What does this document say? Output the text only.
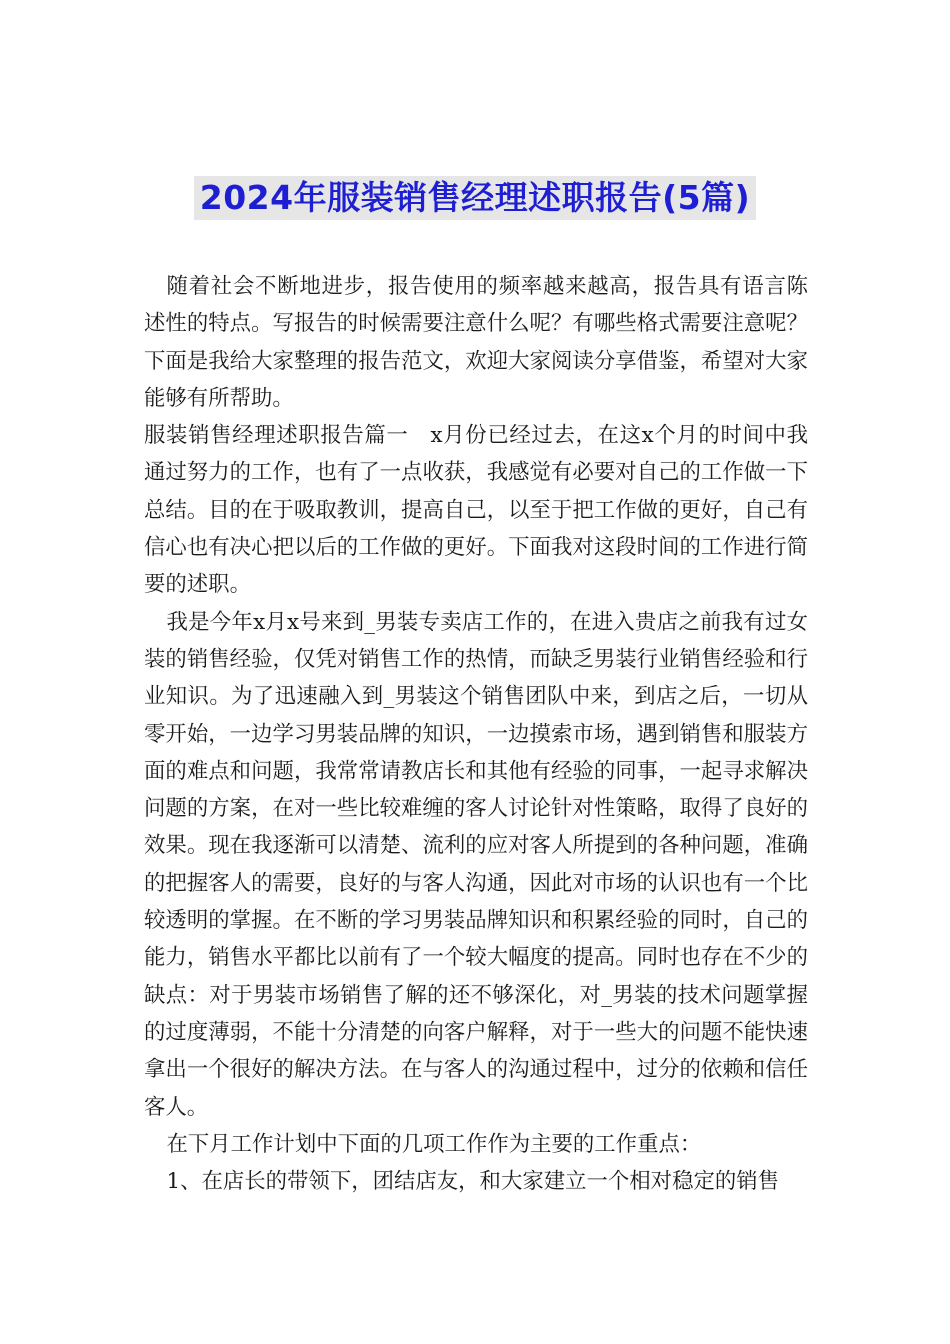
2024年服装销售经理述职报告(5篇)

随着社会不断地进步，报告使用的频率越来越高，报告具有语言陈述性的特点。写报告的时候需要注意什么呢？有哪些格式需要注意呢？下面是我给大家整理的报告范文，欢迎大家阅读分享借鉴，希望对大家能够有所帮助。

服装销售经理述职报告篇一　x月份已经过去，在这x个月的时间中我通过努力的工作，也有了一点收获，我感觉有必要对自己的工作做一下总结。目的在于吸取教训，提高自己，以至于把工作做的更好，自己有信心也有决心把以后的工作做的更好。下面我对这段时间的工作进行简要的述职。

我是今年x月x号来到_男装专卖店工作的，在进入贵店之前我有过女装的销售经验，仅凭对销售工作的热情，而缺乏男装行业销售经验和行业知识。为了迅速融入到_男装这个销售团队中来，到店之后，一切从零开始，一边学习男装品牌的知识，一边摸索市场，遇到销售和服装方面的难点和问题，我常常请教店长和其他有经验的同事，一起寻求解决问题的方案，在对一些比较难缠的客人讨论针对性策略，取得了良好的效果。现在我逐渐可以清楚、流利的应对客人所提到的各种问题，准确的把握客人的需要，良好的与客人沟通，因此对市场的认识也有一个比较透明的掌握。在不断的学习男装品牌知识和积累经验的同时，自己的能力，销售水平都比以前有了一个较大幅度的提高。同时也存在不少的缺点：对于男装市场销售了解的还不够深化，对_男装的技术问题掌握的过度薄弱，不能十分清楚的向客户解释，对于一些大的问题不能快速拿出一个很好的解决方法。在与客人的沟通过程中，过分的依赖和信任客人。

在下月工作计划中下面的几项工作作为主要的工作重点：

1、在店长的带领下，团结店友，和大家建立一个相对稳定的销售
